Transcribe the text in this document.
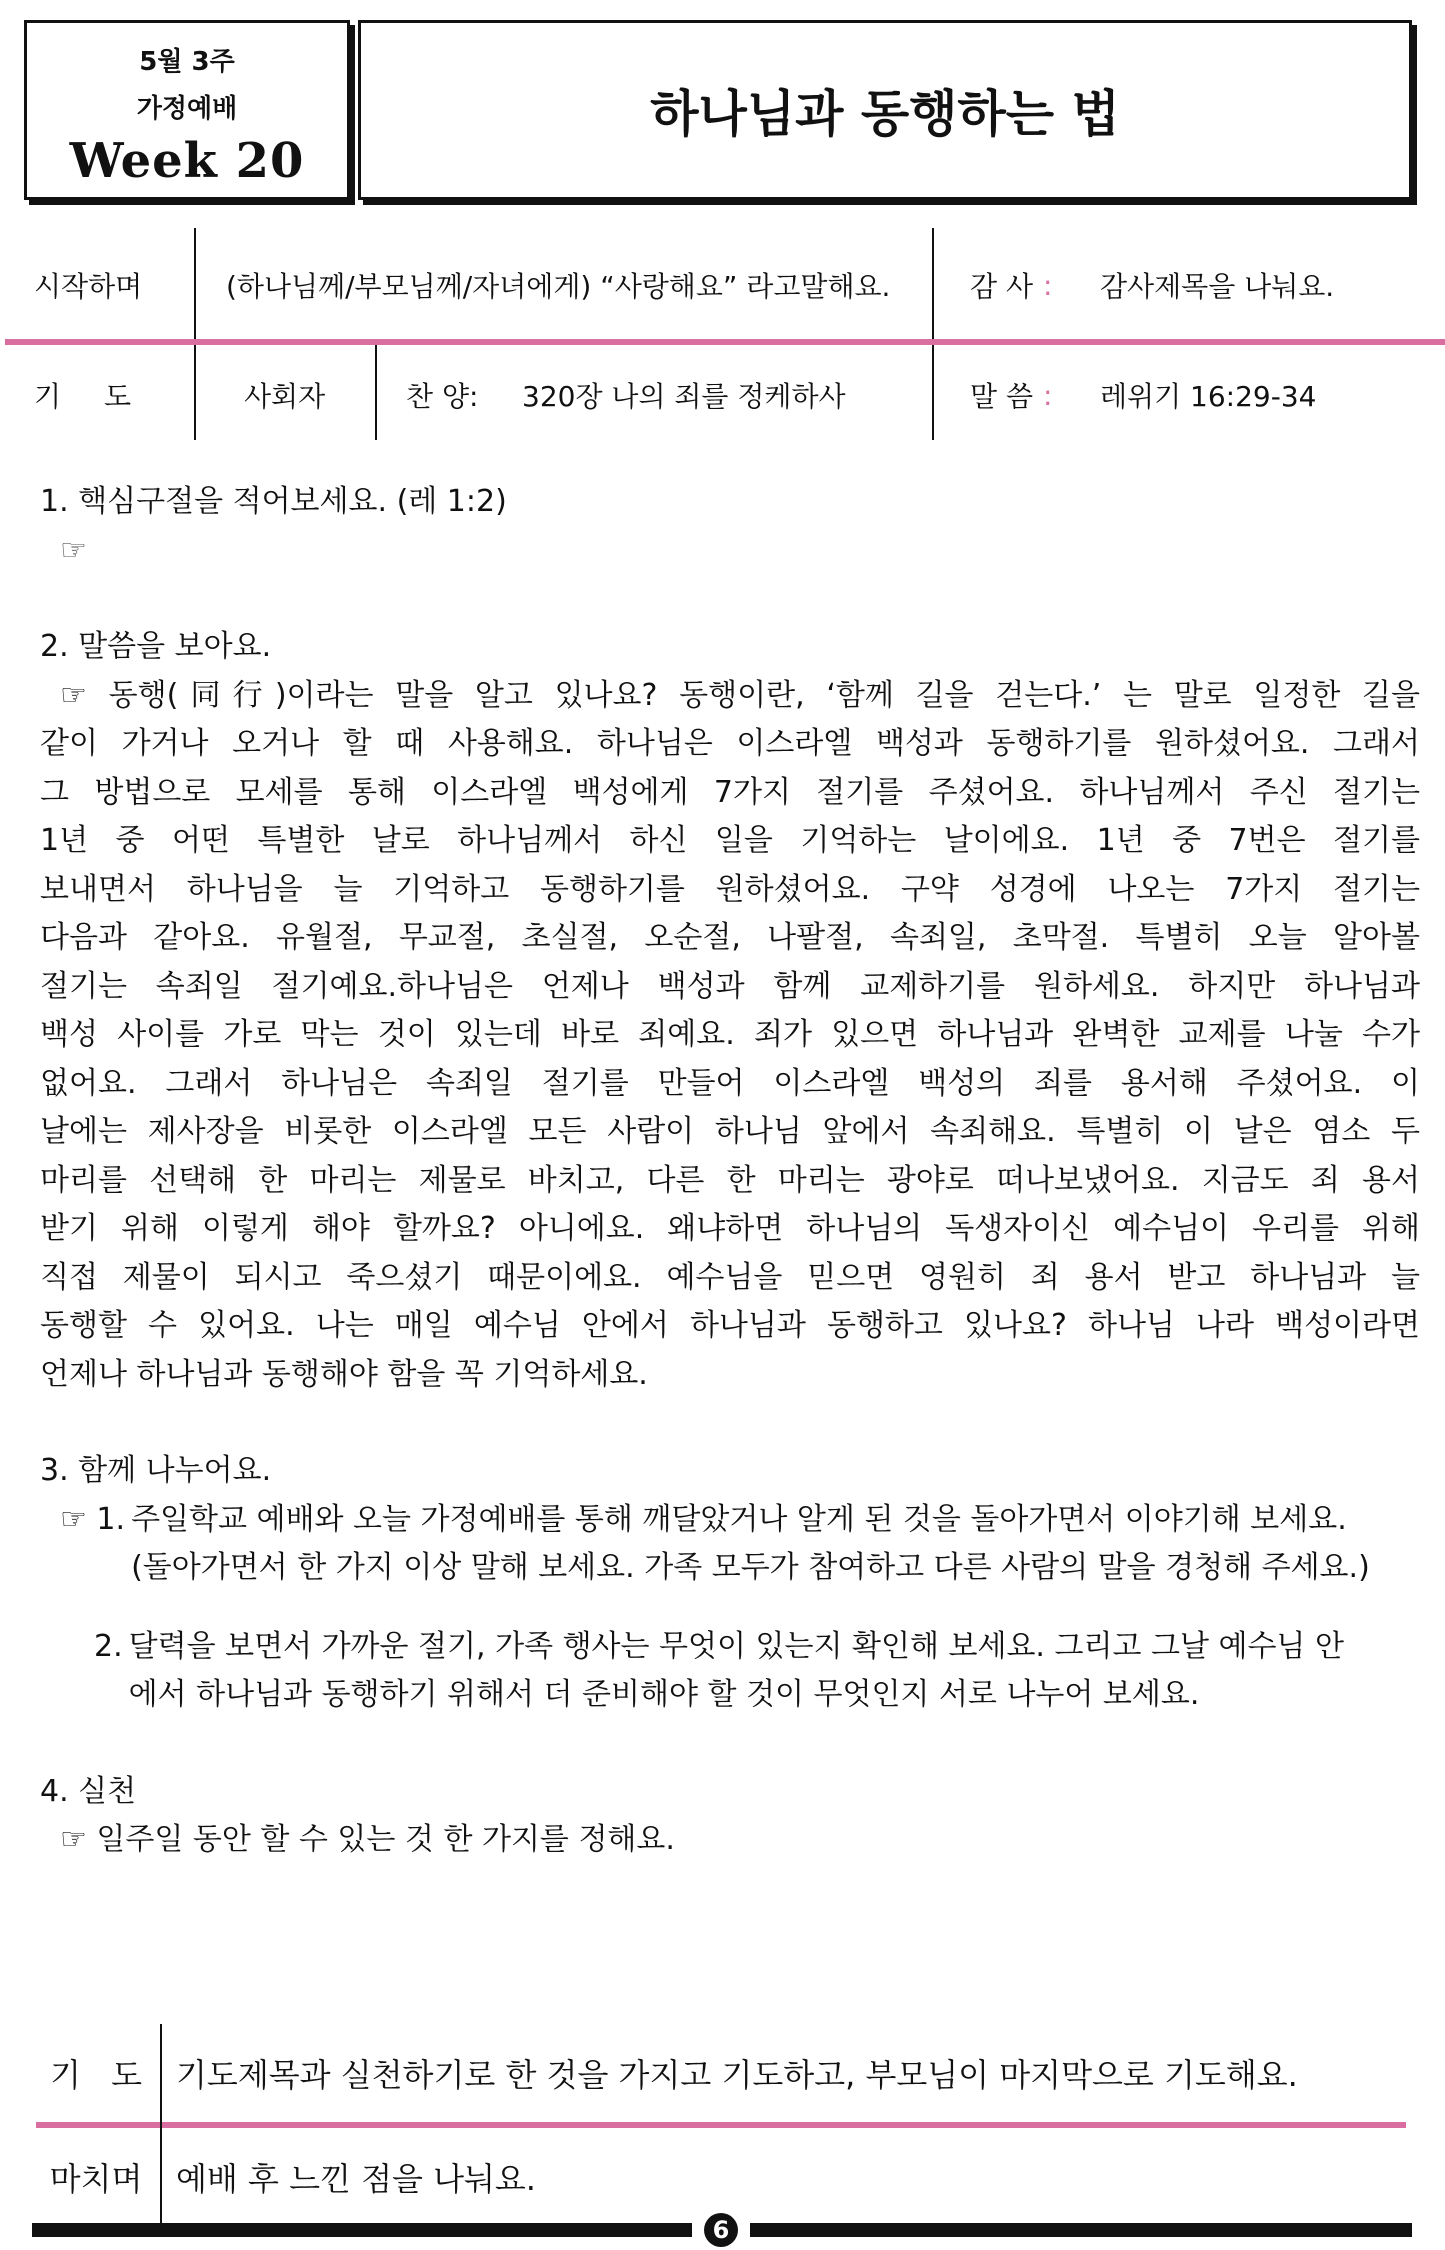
5월 3주
가정예배
Week 20
하나님과 동행하는 법
시작하며	(하나님께/부모님께/자녀에게) “사랑해요” 라고말해요.	감 사 : 감사제목을 나눠요.
기 도	사회자	찬 양: 320장 나의 죄를 정케하사	말 씀 : 레위기 16:29-34

1. 핵심구절을 적어보세요. (레 1:2)

☞

2. 말씀을 보아요.

☞ 동행(同行)이라는 말을 알고 있나요? 동행이란, ‘함께 길을 걷는다.’ 는 말로 일정한 길을
같이 가거나 오거나 할 때 사용해요. 하나님은 이스라엘 백성과 동행하기를 원하셨어요. 그래서
그 방법으로 모세를 통해 이스라엘 백성에게 7가지 절기를 주셨어요. 하나님께서 주신 절기는
1년 중 어떤 특별한 날로 하나님께서 하신 일을 기억하는 날이에요. 1년 중 7번은 절기를
보내면서 하나님을 늘 기억하고 동행하기를 원하셨어요. 구약 성경에 나오는 7가지 절기는
다음과 같아요. 유월절, 무교절, 초실절, 오순절, 나팔절, 속죄일, 초막절. 특별히 오늘 알아볼
절기는 속죄일 절기예요.하나님은 언제나 백성과 함께 교제하기를 원하세요. 하지만 하나님과
백성 사이를 가로 막는 것이 있는데 바로 죄예요. 죄가 있으면 하나님과 완벽한 교제를 나눌 수가
없어요. 그래서 하나님은 속죄일 절기를 만들어 이스라엘 백성의 죄를 용서해 주셨어요. 이
날에는 제사장을 비롯한 이스라엘 모든 사람이 하나님 앞에서 속죄해요. 특별히 이 날은 염소 두
마리를 선택해 한 마리는 제물로 바치고, 다른 한 마리는 광야로 떠나보냈어요. 지금도 죄 용서
받기 위해 이렇게 해야 할까요? 아니에요. 왜냐하면 하나님의 독생자이신 예수님이 우리를 위해
직접 제물이 되시고 죽으셨기 때문이에요. 예수님을 믿으면 영원히 죄 용서 받고 하나님과 늘
동행할 수 있어요. 나는 매일 예수님 안에서 하나님과 동행하고 있나요? 하나님 나라 백성이라면
언제나 하나님과 동행해야 함을 꼭 기억하세요.

3. 함께 나누어요.

☞ 1. 주일학교 예배와 오늘 가정예배를 통해 깨달았거나 알게 된 것을 돌아가면서 이야기해 보세요. (돌아가면서 한 가지 이상 말해 보세요. 가족 모두가 참여하고 다른 사람의 말을 경청해 주세요.)

2. 달력을 보면서 가까운 절기, 가족 행사는 무엇이 있는지 확인해 보세요. 그리고 그날 예수님 안에서 하나님과 동행하기 위해서 더 준비해야 할 것이 무엇인지 서로 나누어 보세요.

4. 실천

☞ 일주일 동안 할 수 있는 것 한 가지를 정해요.

기 도	기도제목과 실천하기로 한 것을 가지고 기도하고, 부모님이 마지막으로 기도해요.
마치며	예배 후 느낀 점을 나눠요.
6
